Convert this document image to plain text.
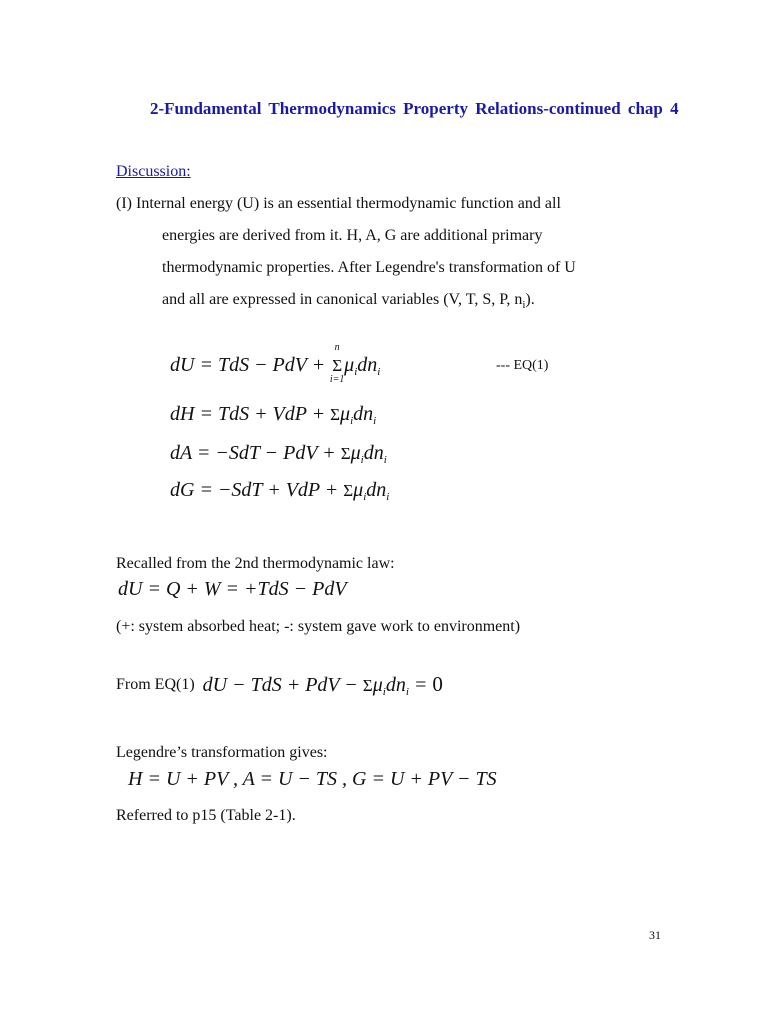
2-Fundamental Thermodynamics Property Relations-continued chap 4
Discussion:
(I) Internal energy (U) is an essential thermodynamic function and all
energies are derived from it. H, A, G are additional primary
thermodynamic properties. After Legendre's transformation of U
and all are expressed in canonical variables (V, T, S, P, $n_i$).
dU = TdS − PdV +
n
Σ
i=1
$\mu_idn_i$	--- EQ(1)
dH = TdS + VdP + $\Sigma\mu_idn_i$
dA = −SdT − PdV + $\Sigma\mu_idn_i$
dG = −SdT + VdP + $\Sigma\mu_idn_i$
Recalled from the 2nd thermodynamic law:
dU = Q + W = +TdS − PdV
(+: system absorbed heat; -: system gave work to environment)
From EQ(1) dU − TdS + PdV − $\Sigma\mu_idn_i = 0$
Legendre’s transformation gives:
H = U + PV , A = U − TS , G = U + PV − TS
Referred to p15 (Table 2-1).
31
